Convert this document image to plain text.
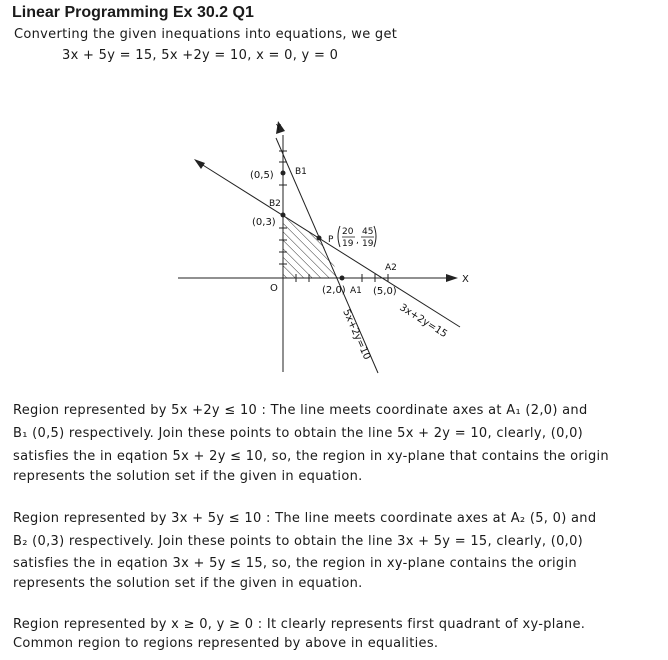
Linear Programming Ex 30.2 Q1
Converting the given inequations into equations, we get
3x + 5y = 15, 5x +2y = 10, x = 0, y = 0
Y
X
O
(0,5) B1
B2
(0,3)
P
20 45
,
19 19
A2
(2,0) A1 (5,0)
5x+2y=10	3x+2y=15
Region represented by 5x +2y ≤ 10 : The line meets coordinate axes at A₁ (2,0) and
B₁ (0,5) respectively. Join these points to obtain the line 5x + 2y = 10, clearly, (0,0)
satisfies the in eqation 5x + 2y ≤ 10, so, the region in xy-plane that contains the origin
represents the solution set if the given in equation.
Region represented by 3x + 5y ≤ 10 : The line meets coordinate axes at A₂ (5, 0) and
B₂ (0,3) respectively. Join these points to obtain the line 3x + 5y = 15, clearly, (0,0)
satisfies the in eqation 3x + 5y ≤ 15, so, the region in xy-plane contains the origin
represents the solution set if the given in equation.
Region represented by x ≥ 0, y ≥ 0 : It clearly represents first quadrant of xy-plane.
Common region to regions represented by above in equalities.
